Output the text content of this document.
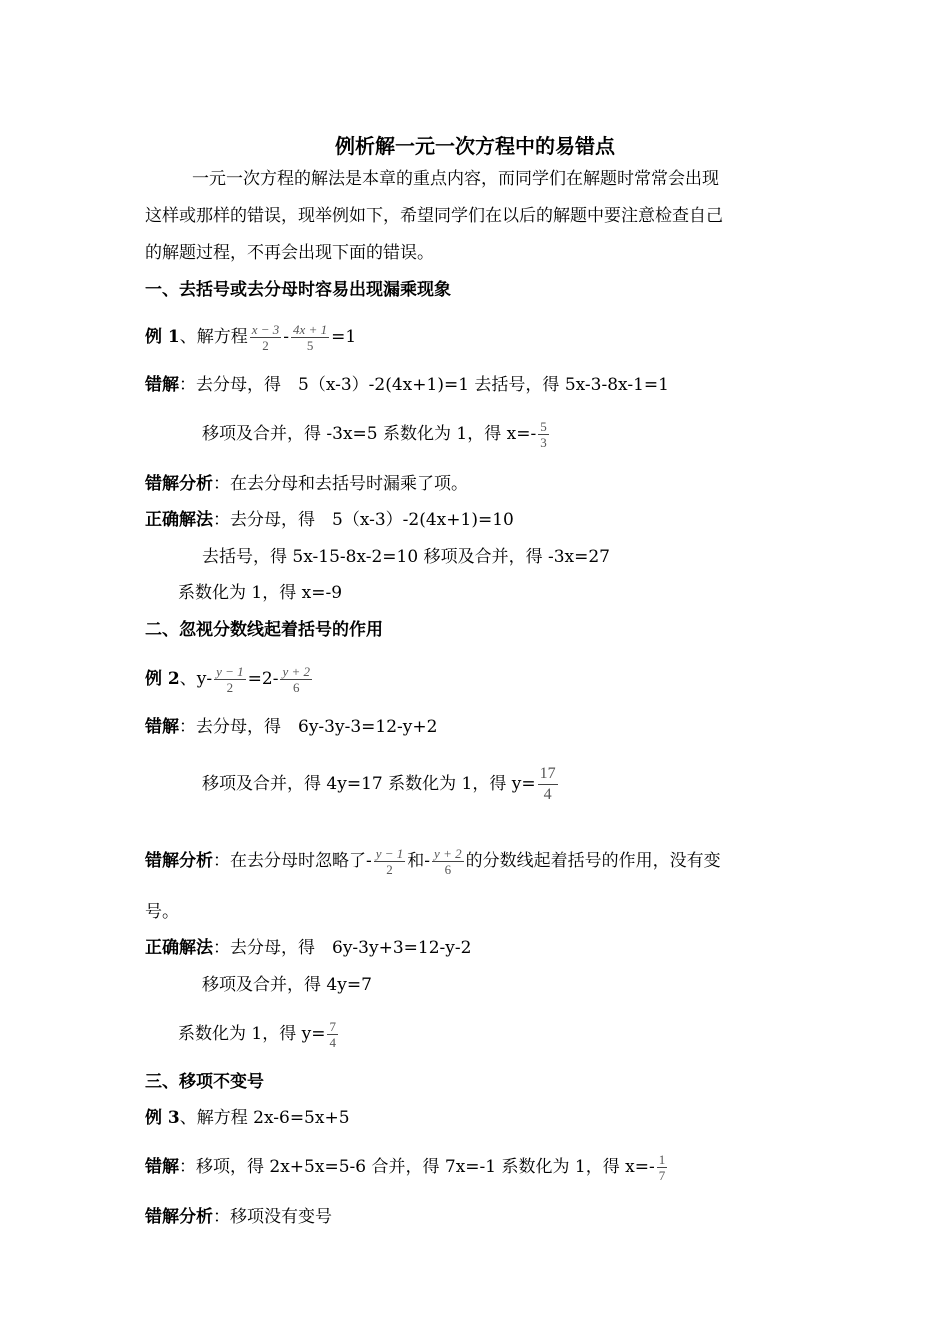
例析解一元一次方程中的易错点
一元一次方程的解法是本章的重点内容，而同学们在解题时常常会出现
这样或那样的错误，现举例如下，希望同学们在以后的解题中要注意检查自己
的解题过程，不再会出现下面的错误。
一、去括号或去分母时容易出现漏乘现象
例 1、解方程 $\frac{x - 3}{2} - \frac{4x + 1}{5} =1$
错解：去分母，得　5（x-3）-2(4x+1)=1 去括号，得 5x-3-8x-1=1
移项及合并，得 -3x=5 系数化为 1，得 $x=- \frac{5}{3}$
错解分析：在去分母和去括号时漏乘了项。
正确解法：去分母，得　5（x-3）-2(4x+1)=10
去括号，得 5x-15-8x-2=10 移项及合并，得 -3x=27
系数化为 1，得 x=-9
二、忽视分数线起着括号的作用
例 2、$y- \frac{y - 1}{2} =2- \frac{y + 2}{6}$
错解：去分母，得　6y-3y-3=12-y+2
移项及合并，得 4y=17 系数化为 1，得 $y= \frac{17}{4}$
错解分析：在去分母时忽略了- $\frac{y - 1}{2}$ 和- $\frac{y + 2}{6}$ 的分数线起着括号的作用，没有变
号。
正确解法：去分母，得　6y-3y+3=12-y-2
移项及合并，得 4y=7
系数化为 1，得 $y= \frac{7}{4}$
三、移项不变号
例 3、解方程 2x-6=5x+5
错解：移项，得 2x+5x=5-6 合并，得 7x=-1 系数化为 1，得 $x=- \frac{1}{7}$
错解分析：移项没有变号
